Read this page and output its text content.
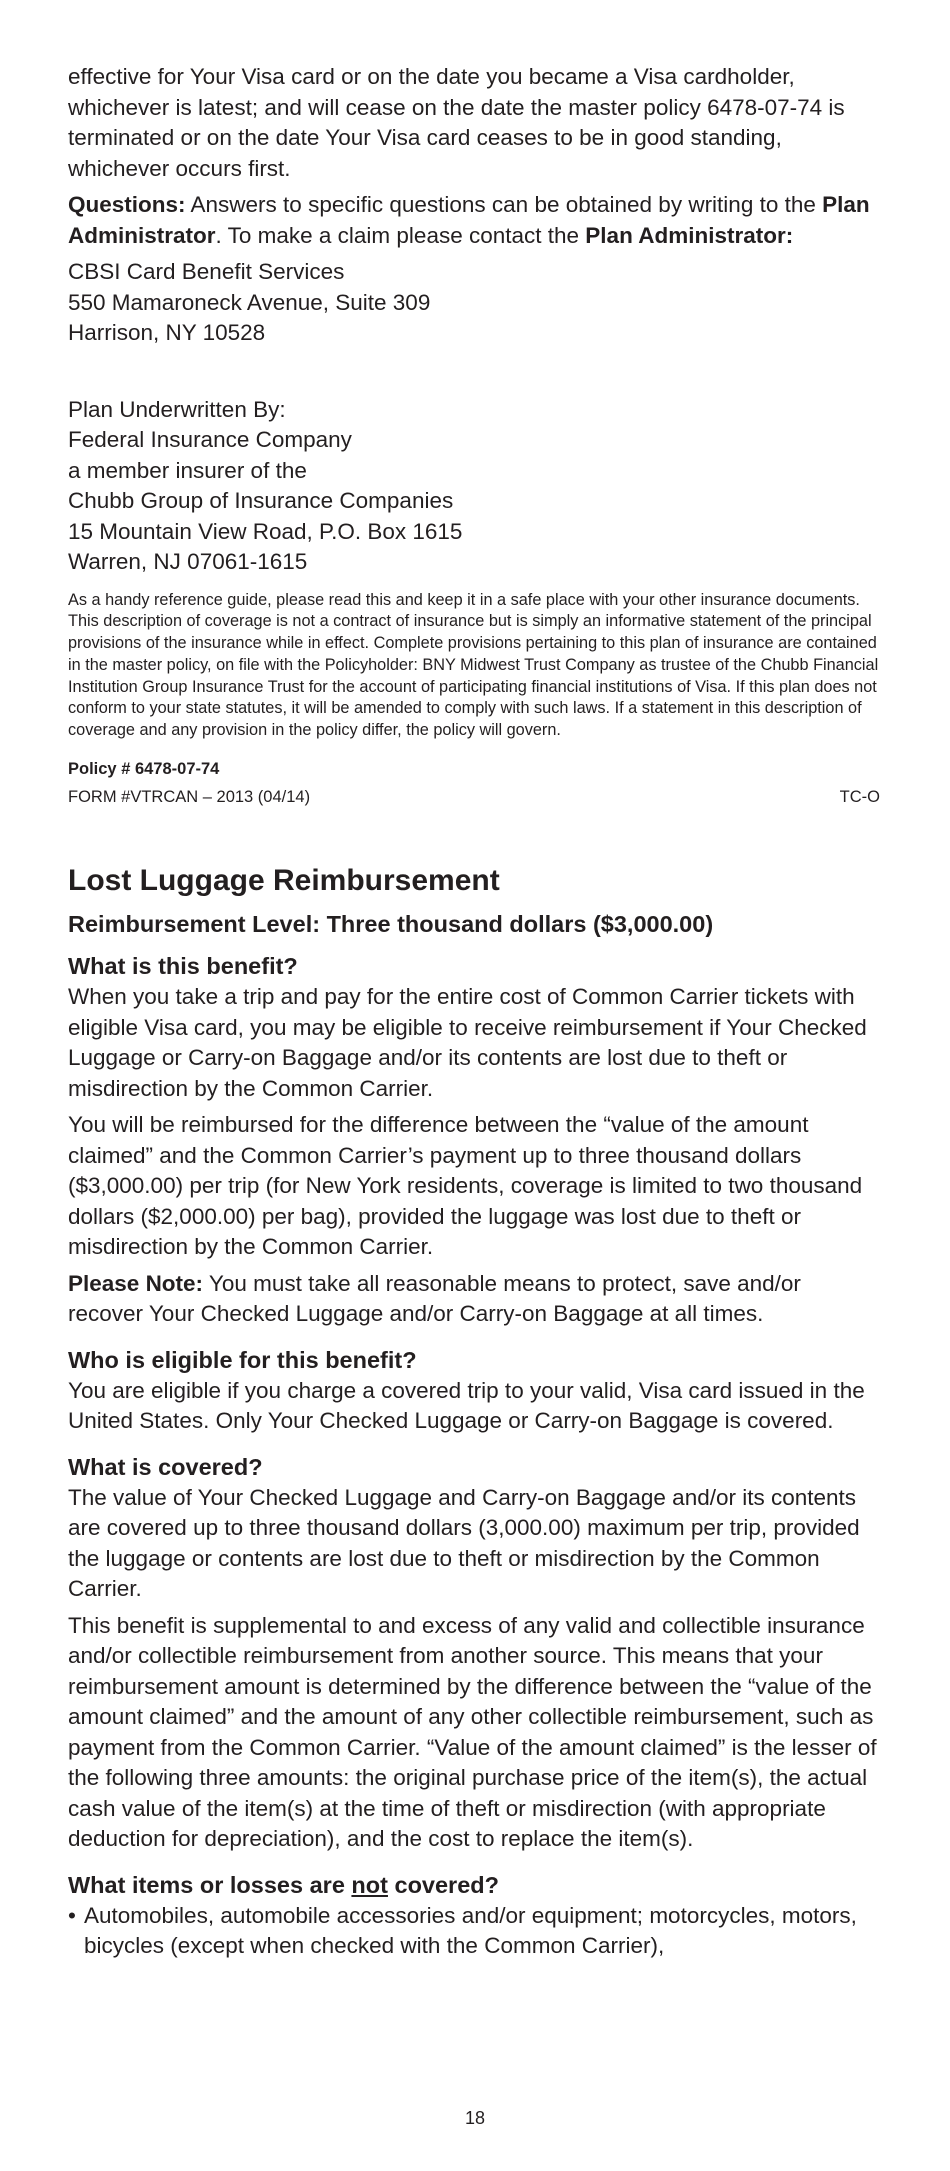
effective for Your Visa card or on the date you became a Visa cardholder, whichever is latest; and will cease on the date the master policy 6478-07-74 is terminated or on the date Your Visa card ceases to be in good standing, whichever occurs first.

Questions: Answers to specific questions can be obtained by writing to the Plan Administrator. To make a claim please contact the Plan Administrator:

CBSI Card Benefit Services
550 Mamaroneck Avenue, Suite 309
Harrison, NY 10528
Plan Underwritten By:
Federal Insurance Company
a member insurer of the
Chubb Group of Insurance Companies
15 Mountain View Road, P.O. Box 1615
Warren, NJ 07061-1615

As a handy reference guide, please read this and keep it in a safe place with your other insurance documents. This description of coverage is not a contract of insurance but is simply an informative statement of the principal provisions of the insurance while in effect. Complete provisions pertaining to this plan of insurance are contained in the master policy, on file with the Policyholder: BNY Midwest Trust Company as trustee of the Chubb Financial Institution Group Insurance Trust for the account of participating financial institutions of Visa. If this plan does not conform to your state statutes, it will be amended to comply with such laws. If a statement in this description of coverage and any provision in the policy differ, the policy will govern.

Policy # 6478-07-74

FORM #VTRCAN – 2013 (04/14)	TC-O
Lost Luggage Reimbursement
Reimbursement Level: Three thousand dollars ($3,000.00)
What is this benefit?

When you take a trip and pay for the entire cost of Common Carrier tickets with eligible Visa card, you may be eligible to receive reimbursement if Your Checked Luggage or Carry-on Baggage and/or its contents are lost due to theft or misdirection by the Common Carrier.

You will be reimbursed for the difference between the “value of the amount claimed” and the Common Carrier’s payment up to three thousand dollars ($3,000.00) per trip (for New York residents, coverage is limited to two thousand dollars ($2,000.00) per bag), provided the luggage was lost due to theft or misdirection by the Common Carrier.

Please Note: You must take all reasonable means to protect, save and/or recover Your Checked Luggage and/or Carry-on Baggage at all times.

Who is eligible for this benefit?

You are eligible if you charge a covered trip to your valid, Visa card issued in the United States. Only Your Checked Luggage or Carry-on Baggage is covered.

What is covered?

The value of Your Checked Luggage and Carry-on Baggage and/or its contents are covered up to three thousand dollars (3,000.00) maximum per trip, provided the luggage or contents are lost due to theft or misdirection by the Common Carrier.

This benefit is supplemental to and excess of any valid and collectible insurance and/or collectible reimbursement from another source. This means that your reimbursement amount is determined by the difference between the “value of the amount claimed” and the amount of any other collectible reimbursement, such as payment from the Common Carrier. “Value of the amount claimed” is the lesser of the following three amounts: the original purchase price of the item(s), the actual cash value of the item(s) at the time of theft or misdirection (with appropriate deduction for depreciation), and the cost to replace the item(s).

What items or losses are not covered?
• Automobiles, automobile accessories and/or equipment; motorcycles, motors, bicycles (except when checked with the Common Carrier),
18
